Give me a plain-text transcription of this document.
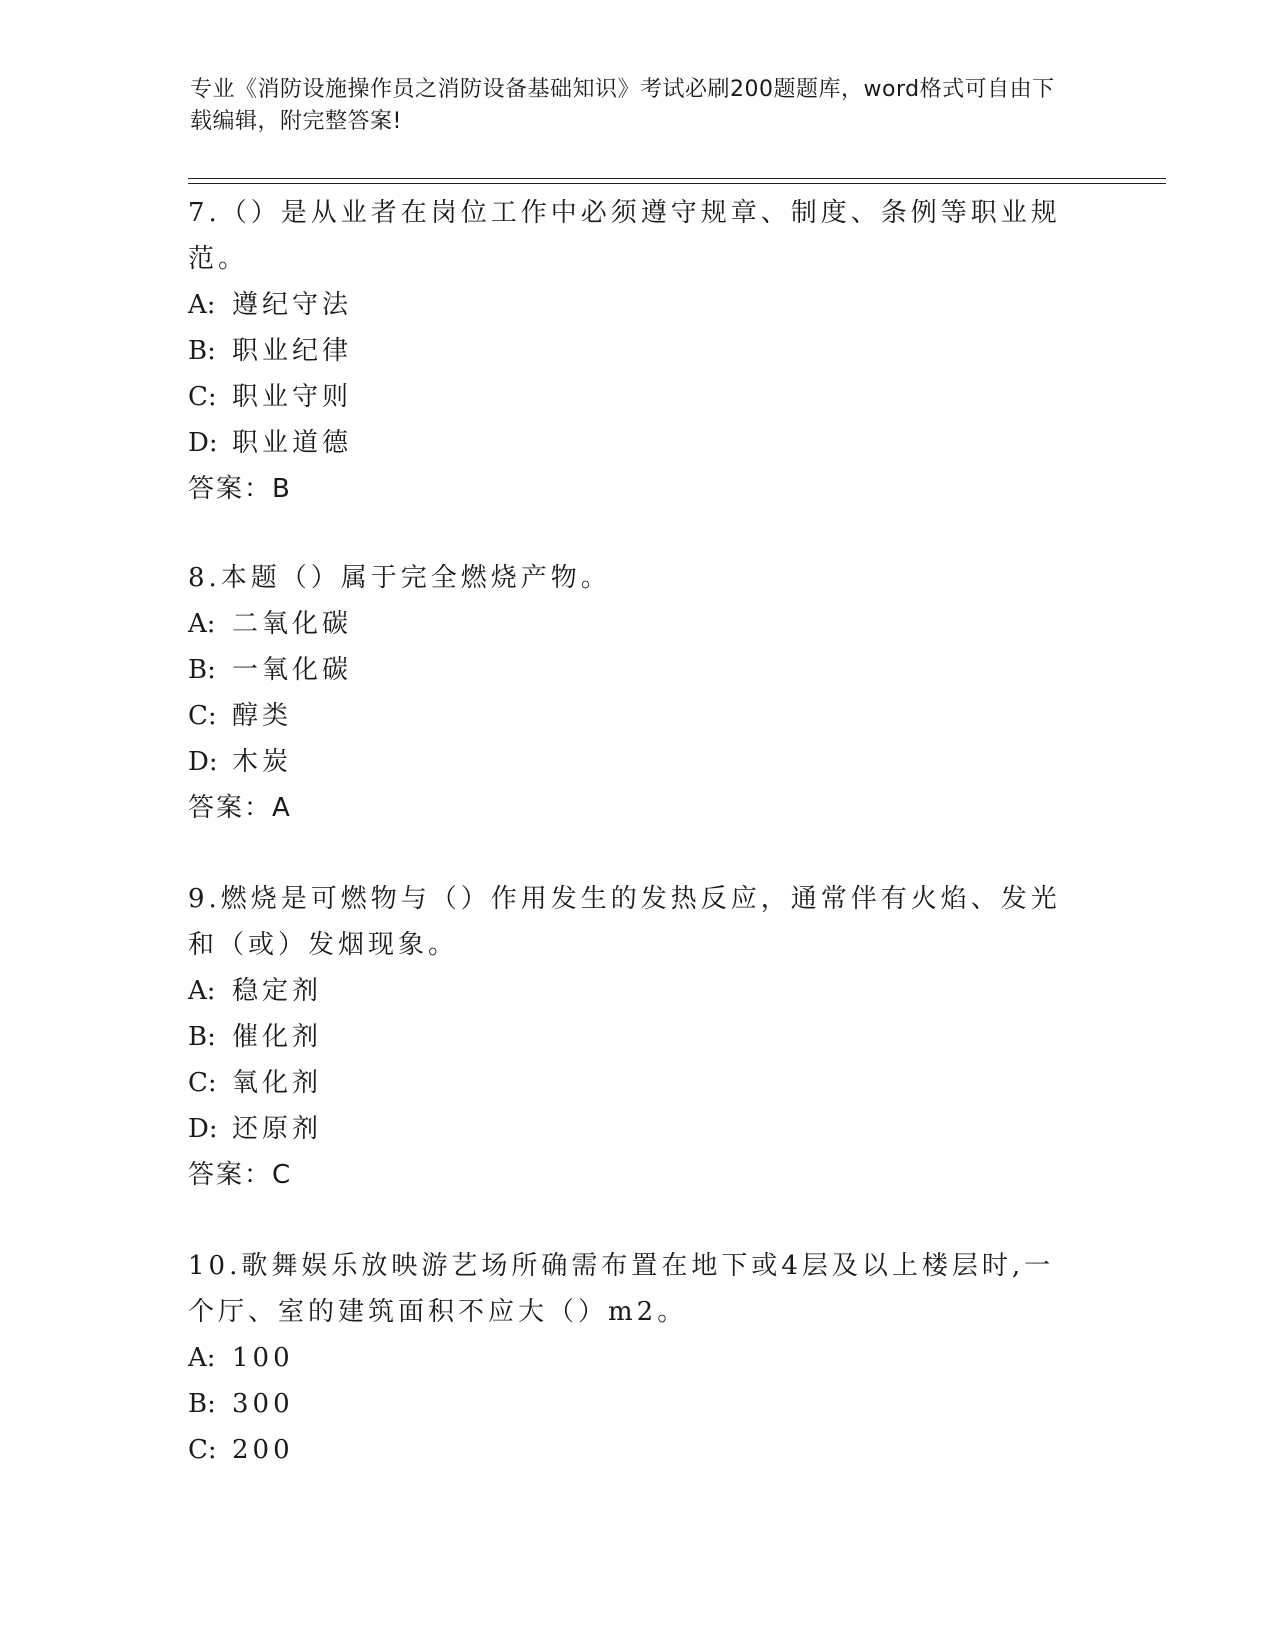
专业《消防设施操作员之消防设备基础知识》考试必刷200题题库，word格式可自由下载编辑，附完整答案!
7.（）是从业者在岗位工作中必须遵守规章、制度、条例等职业规范。
A: 遵纪守法
B: 职业纪律
C: 职业守则
D: 职业道德
答案：B
8.本题（）属于完全燃烧产物。
A: 二氧化碳
B: 一氧化碳
C: 醇类
D: 木炭
答案：A
9.燃烧是可燃物与（）作用发生的发热反应，通常伴有火焰、发光和（或）发烟现象。
A: 稳定剂
B: 催化剂
C: 氧化剂
D: 还原剂
答案：C
10.歌舞娱乐放映游艺场所确需布置在地下或4层及以上楼层时,一个厅、室的建筑面积不应大（）m2。
A: 100
B: 300
C: 200
